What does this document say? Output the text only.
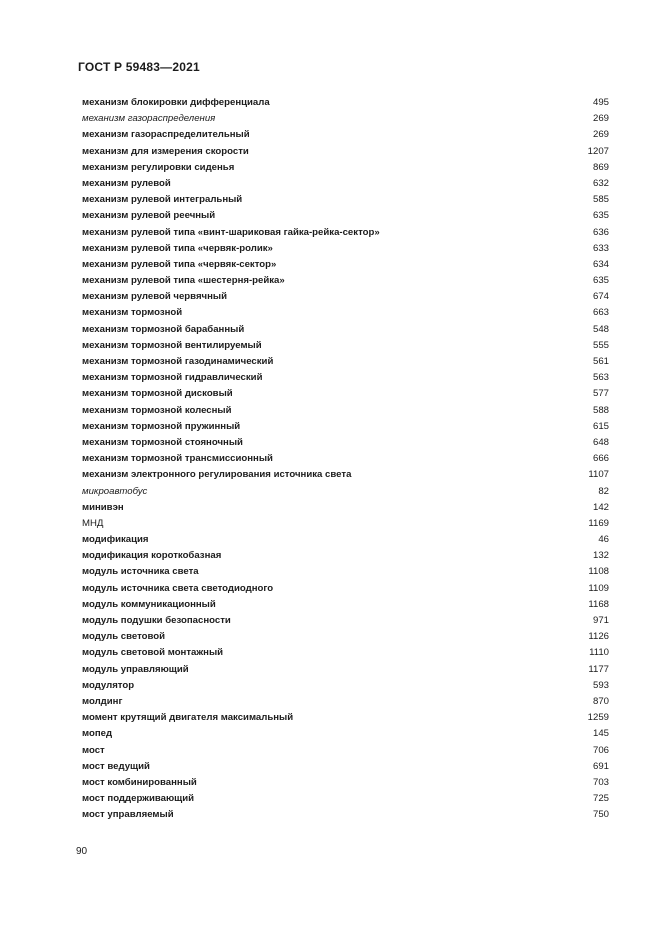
ГОСТ Р 59483—2021
механизм блокировки дифференциала	495
механизм газораспределения	269
механизм газораспределительный	269
механизм для измерения скорости	1207
механизм регулировки сиденья	869
механизм рулевой	632
механизм рулевой интегральный	585
механизм рулевой реечный	635
механизм рулевой типа «винт-шариковая гайка-рейка-сектор»	636
механизм рулевой типа «червяк-ролик»	633
механизм рулевой типа «червяк-сектор»	634
механизм рулевой типа «шестерня-рейка»	635
механизм рулевой червячный	674
механизм тормозной	663
механизм тормозной барабанный	548
механизм тормозной вентилируемый	555
механизм тормозной газодинамический	561
механизм тормозной гидравлический	563
механизм тормозной дисковый	577
механизм тормозной колесный	588
механизм тормозной пружинный	615
механизм тормозной стояночный	648
механизм тормозной трансмиссионный	666
механизм электронного регулирования источника света	1107
микроавтобус	82
минивэн	142
МНД	1169
модификация	46
модификация короткобазная	132
модуль источника света	1108
модуль источника света светодиодного	1109
модуль коммуникационный	1168
модуль подушки безопасности	971
модуль световой	1126
модуль световой монтажный	1110
модуль управляющий	1177
модулятор	593
молдинг	870
момент крутящий двигателя максимальный	1259
мопед	145
мост	706
мост ведущий	691
мост комбинированный	703
мост поддерживающий	725
мост управляемый	750
90
